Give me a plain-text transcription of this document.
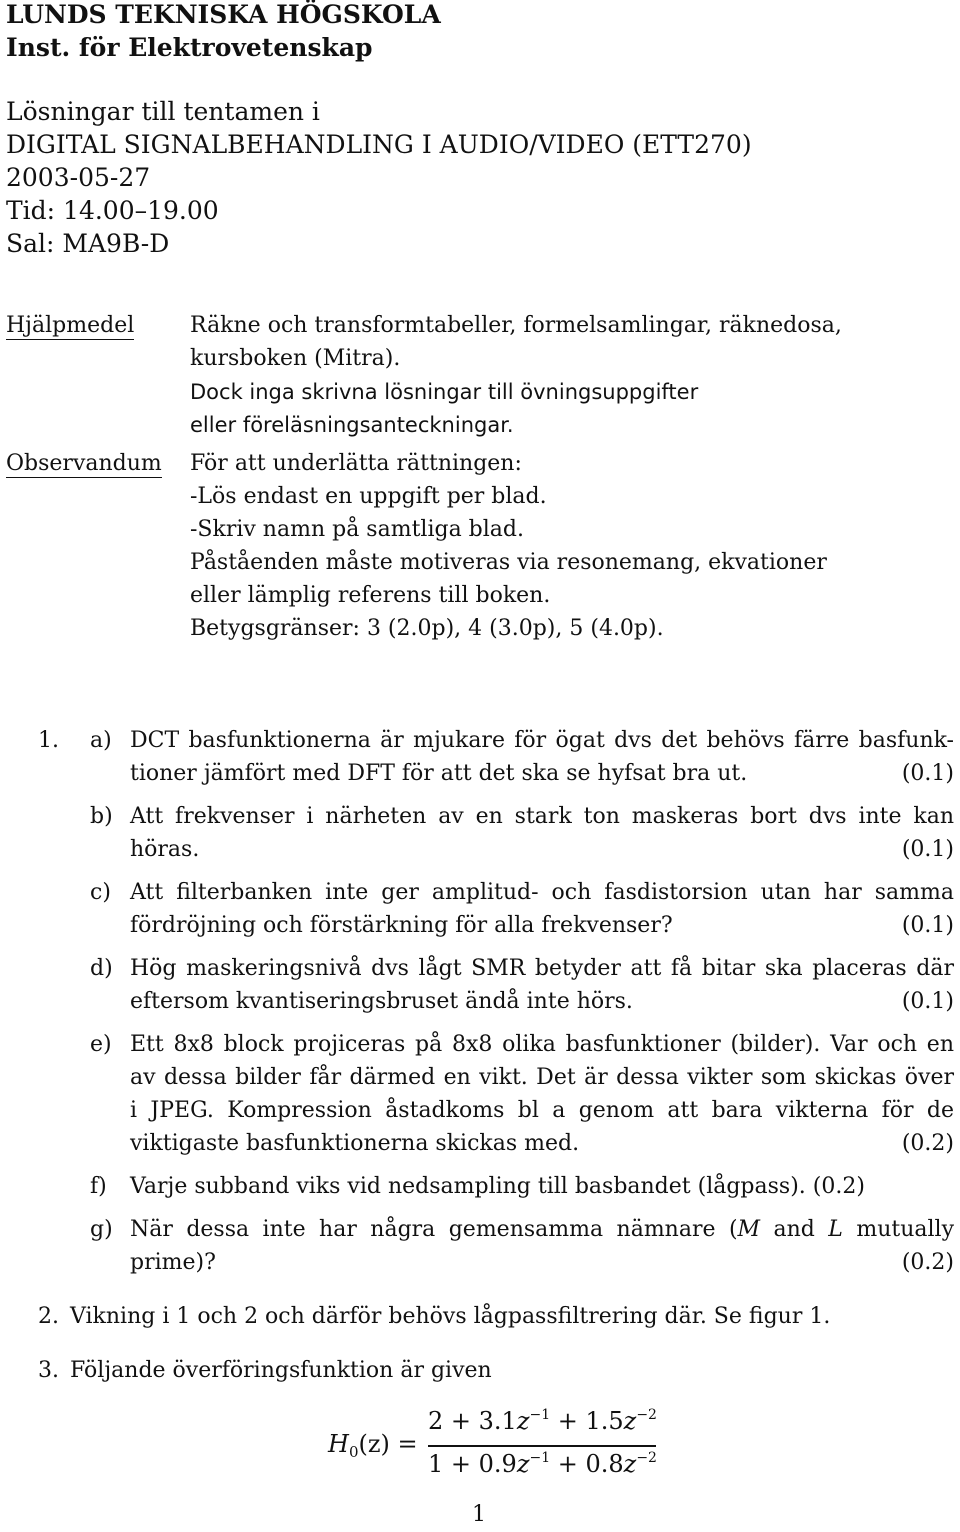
LUNDS TEKNISKA HÖGSKOLA
Inst. för Elektrovetenskap
Lösningar till tentamen i
DIGITAL SIGNALBEHANDLING I AUDIO/VIDEO (ETT270)
2003-05-27
Tid: 14.00–19.00
Sal: MA9B-D
Hjälpmedel	Räkne och transformtabeller, formelsamlingar, räknedosa,
kursboken (Mitra).
Dock inga skrivna lösningar till övningsuppgifter
eller föreläsningsanteckningar.
Observandum För att underlätta rättningen:
-Lös endast en uppgift per blad.
-Skriv namn på samtliga blad.
Påståenden måste motiveras via resonemang, ekvationer
eller lämplig referens till boken.
Betygsgränser: 3 (2.0p), 4 (3.0p), 5 (4.0p).
1. a) DCT basfunktionerna är mjukare för ögat dvs det behövs färre basfunk-
tioner jämfört med DFT för att det ska se hyfsat bra ut.	(0.1)
b) Att frekvenser i närheten av en stark ton maskeras bort dvs inte kan
höras.	(0.1)
c) Att filterbanken inte ger amplitud- och fasdistorsion utan har samma
fördröjning och förstärkning för alla frekvenser?	(0.1)
d) Hög maskeringsnivå dvs lågt SMR betyder att få bitar ska placeras där
eftersom kvantiseringsbruset ändå inte hörs.	(0.1)
e) Ett 8x8 block projiceras på 8x8 olika basfunktioner (bilder). Var och en
av dessa bilder får därmed en vikt. Det är dessa vikter som skickas över
i JPEG. Kompression åstadkoms bl a genom att bara vikterna för de
viktigaste basfunktionerna skickas med.	(0.2)
f) Varje subband viks vid nedsampling till basbandet (lågpass). (0.2)
g) När dessa inte har några gemensamma nämnare (M and L mutually
prime)?	(0.2)
2. Vikning i 1 och 2 och därför behövs lågpassfiltrering där. Se figur 1.
3. Följande överföringsfunktion är given
$H_0(z)$ =
$2 + 3.1z^{-1} + 1.5z^{-2}$
$1 + 0.9z^{-1} + 0.8z^{-2}$
1
